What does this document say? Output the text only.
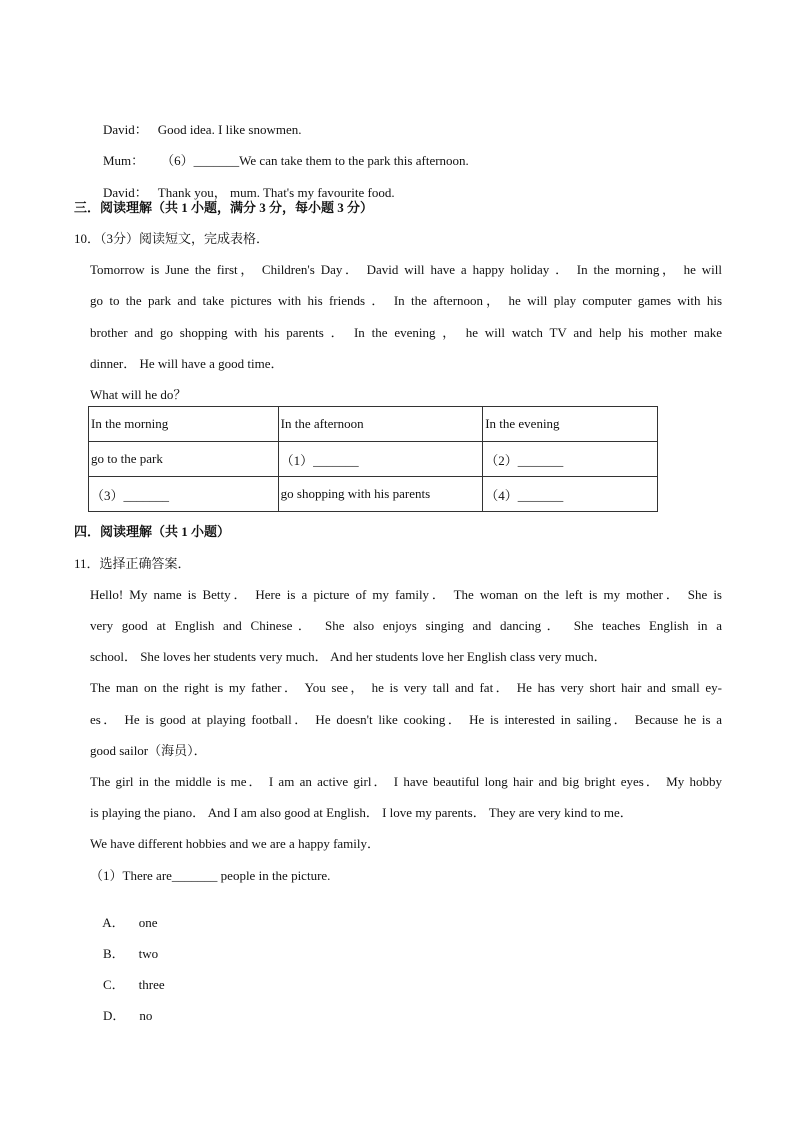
David： Good idea. I like snowmen.

Mum： （6）_______We can take them to the park this afternoon.

David： Thank you， mum. That's my favourite food.

三．阅读理解（共 1 小题，满分 3 分，每小题 3 分）
10．（3分）阅读短文，完成表格．
Tomorrow is June the first， Children's Day． David will have a happy holiday ． In the morning， he will
go to the park and take pictures with his friends ． In the afternoon， he will play computer games with his
brother and go shopping with his parents ． In the evening ， he will watch TV and help his mother make
dinner． He will have a good time．
What will he do？
In the morning	In the afternoon	In the evening
go to the park	（1）_______	（2）_______
（3）_______	go shopping with his parents	（4）_______
四．阅读理解（共 1 小题）
11．选择正确答案．
Hello! My name is Betty． Here is a picture of my family． The woman on the left is my mother． She is
very good at English and Chinese． She also enjoys singing and dancing． She teaches English in a
school． She loves her students very much． And her students love her English class very much．
The man on the right is my father． You see， he is very tall and fat． He has very short hair and small ey-
es． He is good at playing football． He doesn't like cooking． He is interested in sailing． Because he is a
good sailor（海员）．
The girl in the middle is me． I am an active girl． I have beautiful long hair and big bright eyes． My hobby
is playing the piano． And I am also good at English． I love my parents． They are very kind to me．
We have different hobbies and we are a happy family．
（1）There are_______ people in the picture.

A． one

B． two

C． three

D． no
